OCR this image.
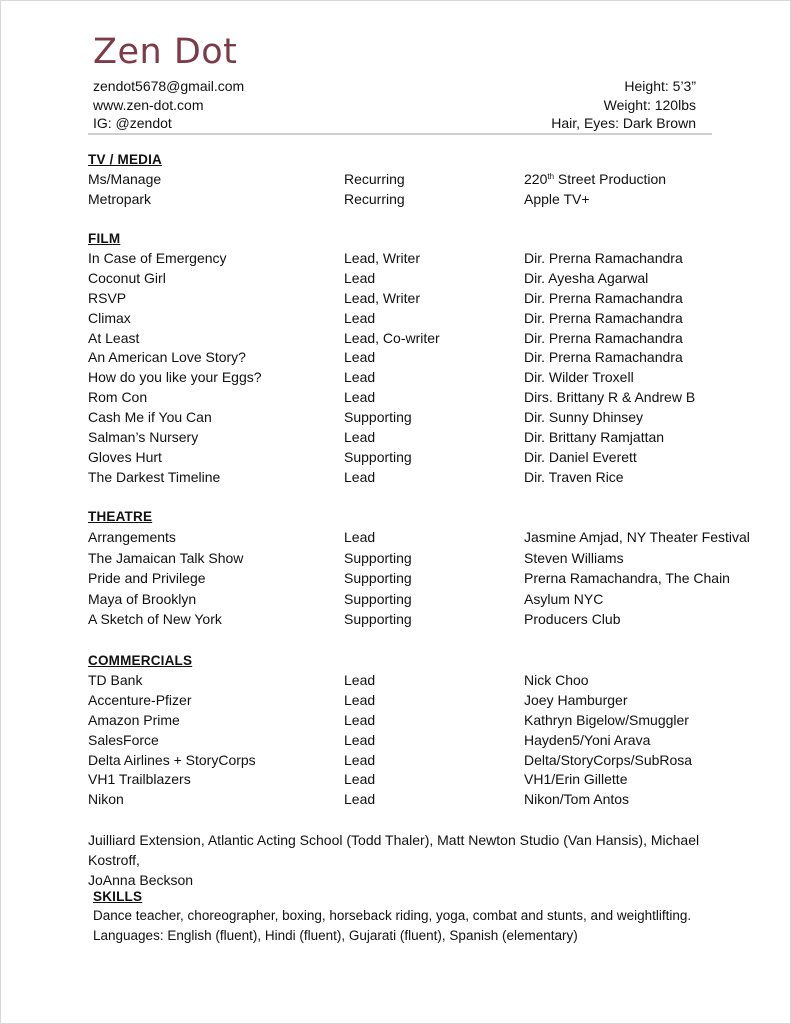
Zen Dot
zendot5678@gmail.com
www.zen-dot.com
IG: @zendot
Height: 5’3”
Weight: 120lbs
Hair, Eyes: Dark Brown
TV / MEDIA
Ms/Manage	Recurring	220th Street Production
Metropark	Recurring	Apple TV+
FILM
In Case of Emergency	Lead, Writer	Dir. Prerna Ramachandra
Coconut Girl	Lead	Dir. Ayesha Agarwal
RSVP	Lead, Writer	Dir. Prerna Ramachandra
Climax	Lead	Dir. Prerna Ramachandra
At Least	Lead, Co-writer	Dir. Prerna Ramachandra
An American Love Story?	Lead	Dir. Prerna Ramachandra
How do you like your Eggs?	Lead	Dir. Wilder Troxell
Rom Con	Lead	Dirs. Brittany R & Andrew B
Cash Me if You Can	Supporting	Dir. Sunny Dhinsey
Salman’s Nursery	Lead	Dir. Brittany Ramjattan
Gloves Hurt	Supporting	Dir. Daniel Everett
The Darkest Timeline	Lead	Dir. Traven Rice
THEATRE
Arrangements	Lead	Jasmine Amjad, NY Theater Festival
The Jamaican Talk Show	Supporting	Steven Williams
Pride and Privilege	Supporting	Prerna Ramachandra, The Chain
Maya of Brooklyn	Supporting	Asylum NYC
A Sketch of New York	Supporting	Producers Club
COMMERCIALS
TD Bank	Lead	Nick Choo
Accenture-Pfizer	Lead	Joey Hamburger
Amazon Prime	Lead	Kathryn Bigelow/Smuggler
SalesForce	Lead	Hayden5/Yoni Arava
Delta Airlines + StoryCorps	Lead	Delta/StoryCorps/SubRosa
VH1 Trailblazers	Lead	VH1/Erin Gillette
Nikon	Lead	Nikon/Tom Antos
Juilliard Extension, Atlantic Acting School (Todd Thaler), Matt Newton Studio (Van Hansis), Michael Kostroff,
JoAnna Beckson
SKILLS
Dance teacher, choreographer, boxing, horseback riding, yoga, combat and stunts, and weightlifting.
Languages: English (fluent), Hindi (fluent), Gujarati (fluent), Spanish (elementary)
